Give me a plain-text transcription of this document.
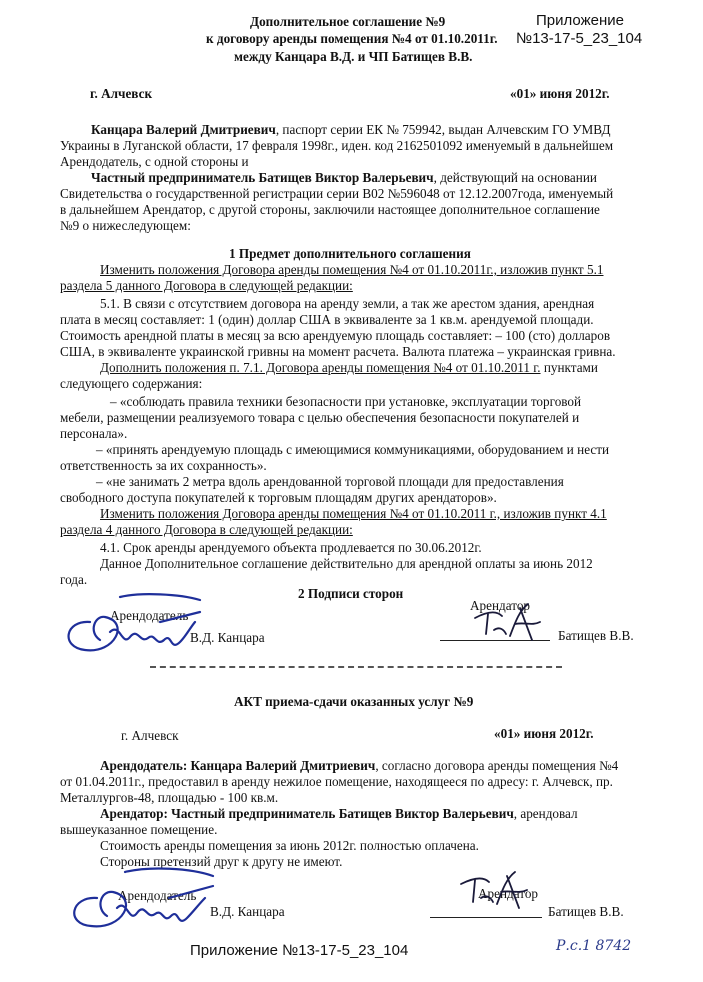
Дополнительное соглашение №9
к договору аренды помещения №4 от 01.10.2011г.
между Канцара В.Д. и ЧП Батищев В.В.
Приложение
№13-17-5_23_104
г. Алчевск	«01» июня 2012г.
Канцара Валерий Дмитриевич, паспорт серии ЕК № 759942, выдан Алчевским ГО УМВД
Украины в Луганской области, 17 февраля 1998г., иден. код 2162501092 именуемый в дальнейшем
Арендодатель, с одной стороны и
Частный предприниматель Батищев Виктор Валерьевич, действующий на основании
Свидетельства о государственной регистрации серии В02 №596048 от 12.12.2007года, именуемый
в дальнейшем Арендатор, с другой стороны, заключили настоящее дополнительное соглашение
№9 о нижеследующем:
1 Предмет дополнительного соглашения
Изменить положения Договора аренды помещения №4 от 01.10.2011г., изложив пункт 5.1
раздела 5 данного Договора в следующей редакции:
5.1. В связи с отсутствием договора на аренду земли, а так же арестом здания, арендная
плата в месяц составляет: 1 (один) доллар США в эквиваленте за 1 кв.м. арендуемой площади.
Стоимость арендной платы в месяц за всю арендуемую площадь составляет: – 100 (сто) долларов
США, в эквиваленте украинской гривны на момент расчета. Валюта платежа – украинская гривна.
Дополнить положения п. 7.1. Договора аренды помещения №4 от 01.10.2011 г. пунктами
следующего содержания:
– «соблюдать правила техники безопасности при установке, эксплуатации торговой
мебели, размещении реализуемого товара с целью обеспечения безопасности покупателей и
персонала».
– «принять арендуемую площадь с имеющимися коммуникациями, оборудованием и нести
ответственность за их сохранность».
– «не занимать 2 метра вдоль арендованной торговой площади для предоставления
свободного доступа покупателей к торговым площадям других арендаторов».
Изменить положения Договора аренды помещения №4 от 01.10.2011 г., изложив пункт 4.1
раздела 4 данного Договора в следующей редакции:
4.1. Срок аренды арендуемого объекта продлевается по 30.06.2012г.
Данное Дополнительное соглашение действительно для арендной оплаты за июнь 2012
года.
2 Подписи сторон
Арендодатель
В.Д. Канцара
Арендатор
Батищев В.В.
АКТ приема-сдачи оказанных услуг №9
г. Алчевск	«01» июня 2012г.
Арендодатель: Канцара Валерий Дмитриевич, согласно договора аренды помещения №4
от 01.04.2011г., предоставил в аренду нежилое помещение, находящееся по адресу: г. Алчевск, пр.
Металлургов-48, площадью - 100 кв.м.
Арендатор: Частный предприниматель Батищев Виктор Валерьевич, арендовал
вышеуказанное помещение.
Стоимость аренды помещения за июнь 2012г. полностью оплачена.
Стороны претензий друг к другу не имеют.
Арендодатель
В.Д. Канцара
Арендатор
Батищев В.В.
Приложение №13-17-5_23_104	Р.с.1 8742
